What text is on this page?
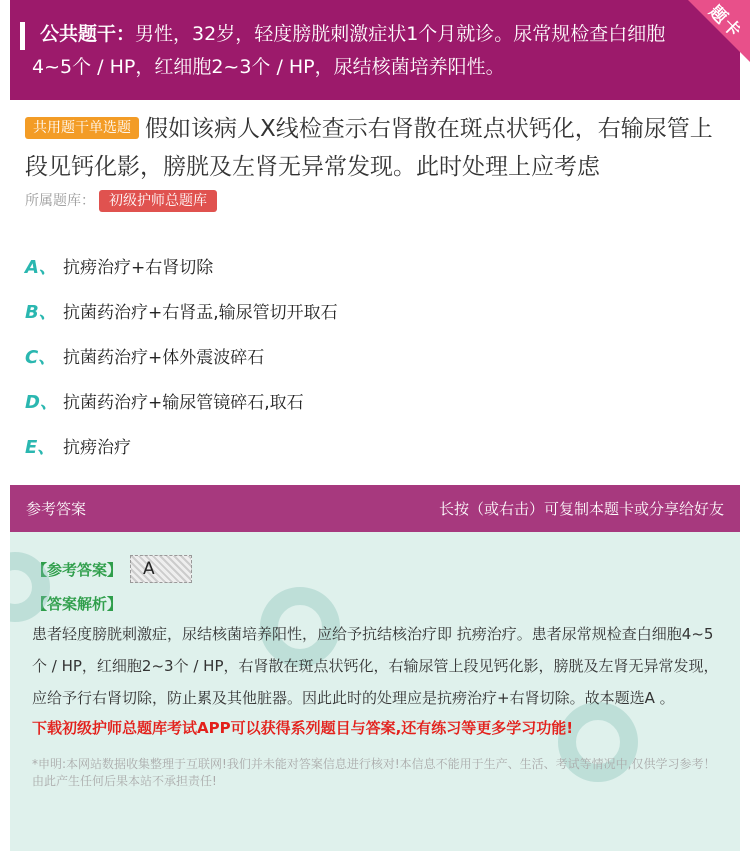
公共题干：男性，32岁，轻度膀胱刺激症状1个月就诊。尿常规检查白细胞4~5个 / HP，红细胞2~3个 / HP，尿结核菌培养阳性。
题卡
共用题干单选题 假如该病人X线检查示右肾散在斑点状钙化，右输尿管上段见钙化影，膀胱及左肾无异常发现。此时处理上应考虑
所属题库： 初级护师总题库
A、 抗痨治疗+右肾切除
B、 抗菌药治疗+右肾盂,输尿管切开取石
C、 抗菌药治疗+体外震波碎石
D、 抗菌药治疗+输尿管镜碎石,取石
E、 抗痨治疗
参考答案	长按（或右击）可复制本题卡或分享给好友
【参考答案】	A
【答案解析】
患者轻度膀胱刺激症，尿结核菌培养阳性，应给予抗结核治疗即 抗痨治疗。患者尿常规检查白细胞4~5个 / HP，红细胞2~3个 / HP，右肾散在斑点状钙化，右输尿管上段见钙化影，膀胱及左肾无异常发现，应给予行右肾切除，防止累及其他脏器。因此此时的处理应是抗痨治疗+右肾切除。故本题选A 。
下载初级护师总题库考试APP可以获得系列题目与答案,还有练习等更多学习功能!
*申明:本网站数据收集整理于互联网!我们并未能对答案信息进行核对!本信息不能用于生产、生活、考试等情况中,仅供学习参考！由此产生任何后果本站不承担责任!
